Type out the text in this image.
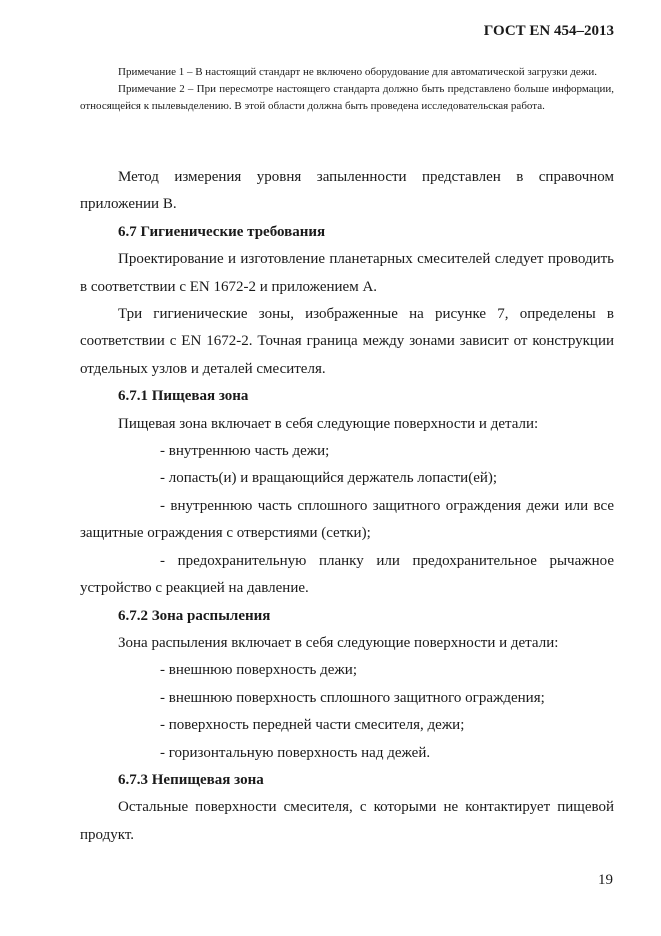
ГОСТ EN 454–2013

Примечание 1 – В настоящий стандарт не включено оборудование для автоматической загрузки дежи.

Примечание 2 – При пересмотре настоящего стандарта должно быть представлено больше информации, относящейся к пылевыделению. В этой области должна быть проведена исследовательская работа.

Метод измерения уровня запыленности представлен в справочном приложении В.

6.7 Гигиенические требования

Проектирование и изготовление планетарных смесителей следует проводить в соответствии с EN 1672-2 и приложением А.

Три гигиенические зоны, изображенные на рисунке 7, определены в соответствии с EN 1672-2. Точная граница между зонами зависит от конструкции отдельных узлов и деталей смесителя.

6.7.1 Пищевая зона

Пищевая зона включает в себя следующие поверхности и детали:

- внутреннюю часть дежи;

- лопасть(и) и вращающийся держатель лопасти(ей);

- внутреннюю часть сплошного защитного ограждения дежи или все защитные ограждения с отверстиями (сетки);

- предохранительную планку или предохранительное рычажное устройство с реакцией на давление.

6.7.2 Зона распыления

Зона распыления включает в себя следующие поверхности и детали:

- внешнюю поверхность дежи;

- внешнюю поверхность сплошного защитного ограждения;

- поверхность передней части смесителя, дежи;

- горизонтальную поверхность над дежей.

6.7.3 Непищевая зона

Остальные поверхности смесителя, с которыми не контактирует пищевой продукт.

19
